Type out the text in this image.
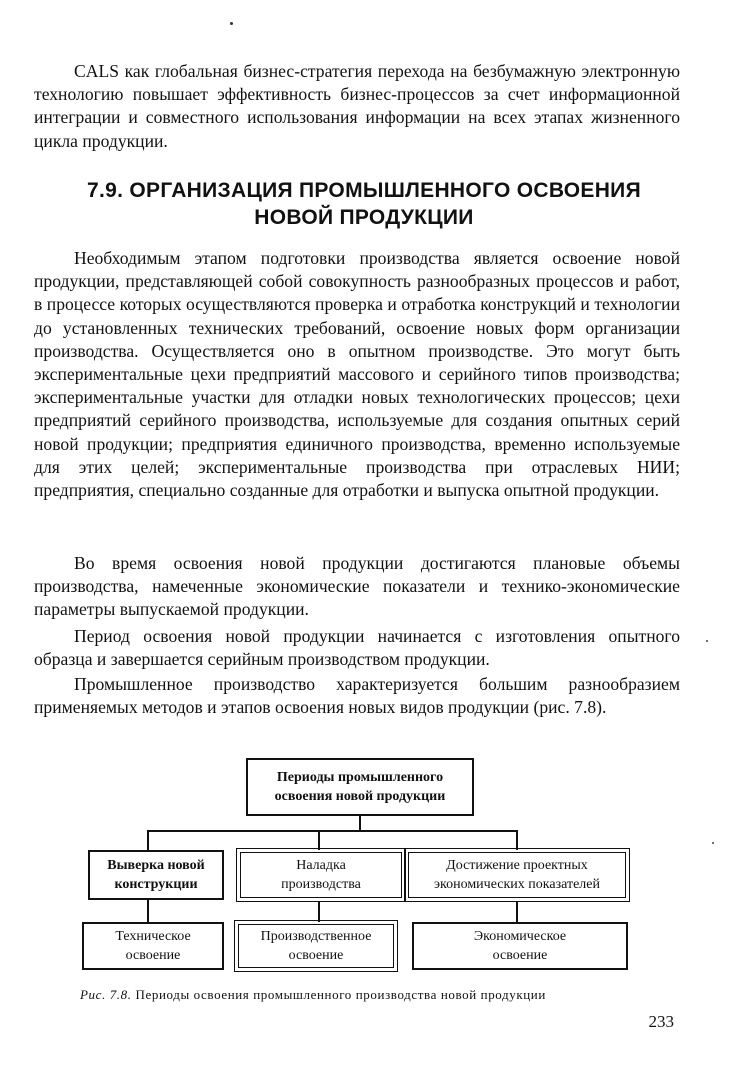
CALS как глобальная бизнес-стратегия перехода на безбумажную электронную технологию повышает эффективность бизнес-процессов за счет информационной интеграции и совместного использования информации на всех этапах жизненного цикла продукции.

7.9. ОРГАНИЗАЦИЯ ПРОМЫШЛЕННОГО ОСВОЕНИЯ
НОВОЙ ПРОДУКЦИИ

Необходимым этапом подготовки производства является освоение новой продукции, представляющей собой совокупность разнообразных процессов и работ, в процессе которых осуществляются проверка и отработка конструкций и технологии до установленных технических требований, освоение новых форм организации производства. Осуществляется оно в опытном производстве. Это могут быть экспериментальные цехи предприятий массового и серийного типов производства; экспериментальные участки для отладки новых технологических процессов; цехи предприятий серийного производства, используемые для создания опытных серий новой продукции; предприятия единичного производства, временно используемые для этих целей; экспериментальные производства при отраслевых НИИ; предприятия, специально созданные для отработки и выпуска опытной продукции.

Во время освоения новой продукции достигаются плановые объемы производства, намеченные экономические показатели и технико-экономические параметры выпускаемой продукции.

Период освоения новой продукции начинается с изготовления опытного образца и завершается серийным производством продукции.

Промышленное производство характеризуется большим разнообразием применяемых методов и этапов освоения новых видов продукции (рис. 7.8).

Периоды промышленного
освоения новой продукции
Выверка новой
конструкции
Наладка
производства
Достижение проектных
экономических показателей
Техническое
освоение
Производственное
освоение
Экономическое
освоение

Рис. 7.8. Периоды освоения промышленного производства новой продукции

233
